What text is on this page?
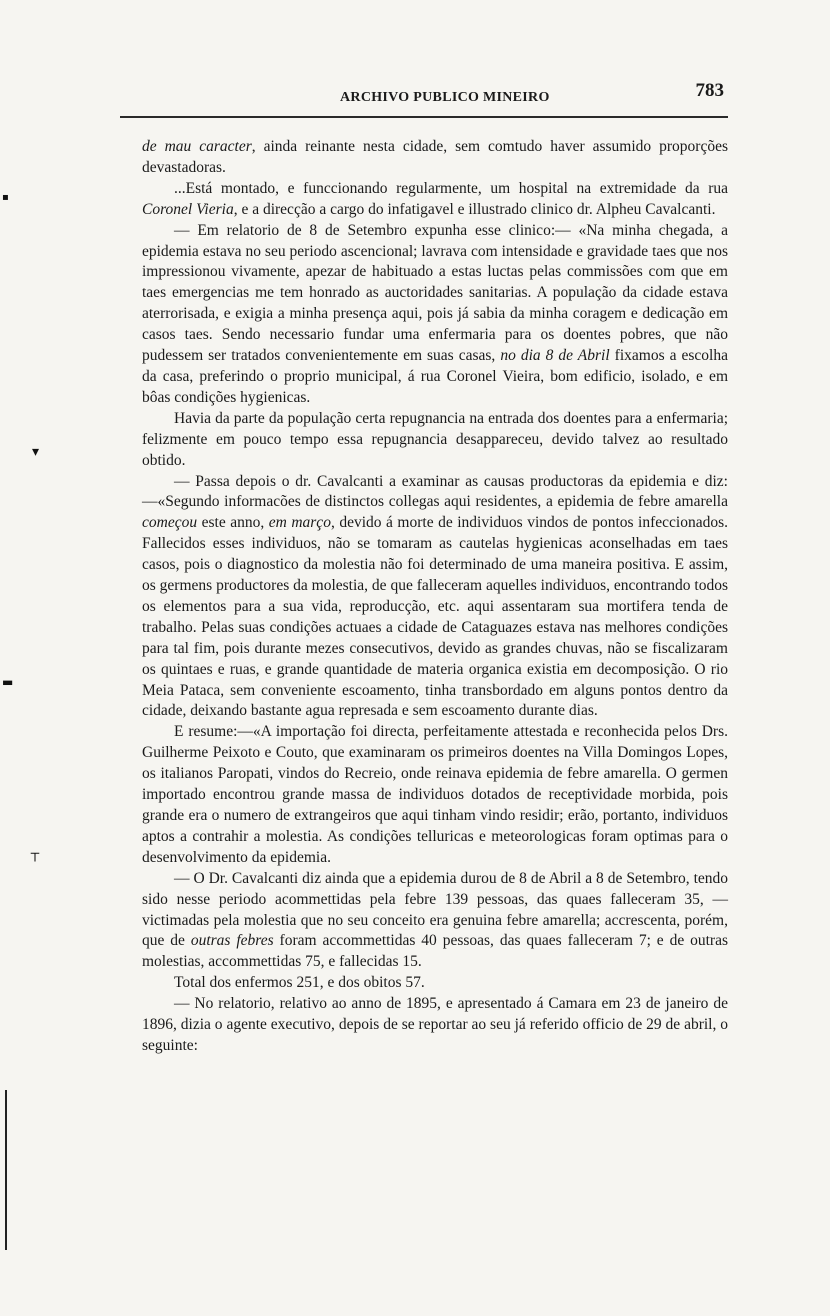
ARCHIVO PUBLICO MINEIRO	783

de mau caracter, ainda reinante nesta cidade, sem comtudo haver assumido proporções devastadoras.

...Está montado, e funccionando regularmente, um hospital na extremidade da rua Coronel Vieria, e a direcção a cargo do infatigavel e illustrado clinico dr. Alpheu Cavalcanti.

— Em relatorio de 8 de Setembro expunha esse clinico:— «Na minha chegada, a epidemia estava no seu periodo ascencional; lavrava com intensidade e gravidade taes que nos impressionou vivamente, apezar de habituado a estas luctas pelas commissões com que em taes emergencias me tem honrado as auctoridades sanitarias. A população da cidade estava aterrorisada, e exigia a minha presença aqui, pois já sabia da minha coragem e dedicação em casos taes. Sendo necessario fundar uma enfermaria para os doentes pobres, que não pudessem ser tratados convenientemente em suas casas, no dia 8 de Abril fixamos a escolha da casa, preferindo o proprio municipal, á rua Coronel Vieira, bom edificio, isolado, e em bôas condições hygienicas.

Havia da parte da população certa repugnancia na entrada dos doentes para a enfermaria; felizmente em pouco tempo essa repugnancia desappareceu, devido talvez ao resultado obtido.

— Passa depois o dr. Cavalcanti a examinar as causas productoras da epidemia e diz: —«Segundo informacões de distinctos collegas aqui residentes, a epidemia de febre amarella começou este anno, em março, devido á morte de individuos vindos de pontos infeccionados. Fallecidos esses individuos, não se tomaram as cautelas hygienicas aconselhadas em taes casos, pois o diagnostico da molestia não foi determinado de uma maneira positiva. E assim, os germens productores da molestia, de que falleceram aquelles individuos, encontrando todos os elementos para a sua vida, reproducção, etc. aqui assentaram sua mortifera tenda de trabalho. Pelas suas condições actuaes a cidade de Cataguazes estava nas melhores condições para tal fim, pois durante mezes consecutivos, devido as grandes chuvas, não se fiscalizaram os quintaes e ruas, e grande quantidade de materia organica existia em decomposição. O rio Meia Pataca, sem conveniente escoamento, tinha transbordado em alguns pontos dentro da cidade, deixando bastante agua represada e sem escoamento durante dias.

E resume:—«A importação foi directa, perfeitamente attestada e reconhecida pelos Drs. Guilherme Peixoto e Couto, que examinaram os primeiros doentes na Villa Domingos Lopes, os italianos Paropati, vindos do Recreio, onde reinava epidemia de febre amarella. O germen importado encontrou grande massa de individuos dotados de receptividade morbida, pois grande era o numero de extrangeiros que aqui tinham vindo residir; erão, portanto, individuos aptos a contrahir a molestia. As condições telluricas e meteorologicas foram optimas para o desenvolvimento da epidemia.

— O Dr. Cavalcanti diz ainda que a epidemia durou de 8 de Abril a 8 de Setembro, tendo sido nesse periodo acommettidas pela febre 139 pessoas, das quaes falleceram 35, — victimadas pela molestia que no seu conceito era genuina febre amarella; accrescenta, porém, que de outras febres foram accommettidas 40 pessoas, das quaes falleceram 7; e de outras molestias, accommettidas 75, e fallecidas 15.

Total dos enfermos 251, e dos obitos 57.

— No relatorio, relativo ao anno de 1895, e apresentado á Camara em 23 de janeiro de 1896, dizia o agente executivo, depois de se reportar ao seu já referido officio de 29 de abril, o seguinte:

▪
▾
▬
⸆
